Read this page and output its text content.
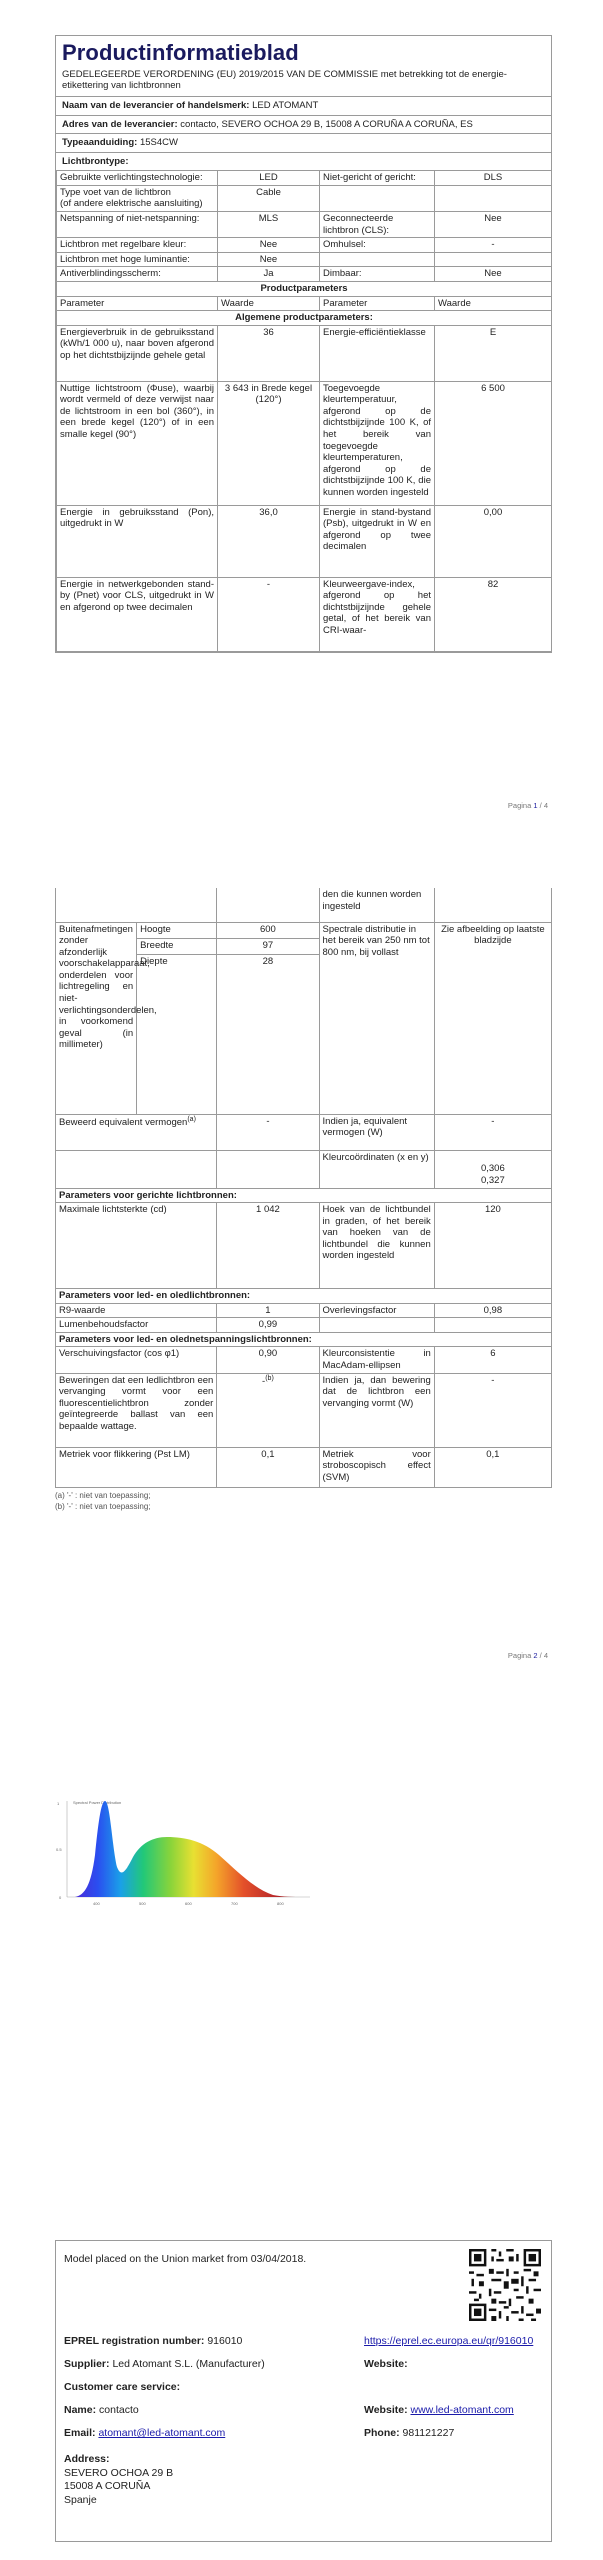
Productinformatieblad
GEDELEGEERDE VERORDENING (EU) 2019/2015 VAN DE COMMISSIE met betrekking tot de energie-etikettering van lichtbronnen
Naam van de leverancier of handelsmerk: LED ATOMANT
Adres van de leverancier: contacto, SEVERO OCHOA 29 B, 15008 A CORUÑA A CORUÑA, ES
Typeaanduiding: 15S4CW
Lichtbrontype:
Gebruikte verlichtingstechnologie:	LED	Niet-gericht of gericht:	DLS
Type voet van de lichtbron
(of andere elektrische aansluiting)	Cable		
Netspanning of niet-netspanning:	MLS	Geconnecteerde lichtbron (CLS):	Nee
Lichtbron met regelbare kleur:	Nee	Omhulsel:	-
Lichtbron met hoge luminantie:	Nee		
Antiverblindingsscherm:	Ja	Dimbaar:	Nee
Productparameters			
Parameter	Waarde	Parameter	Waarde
Algemene productparameters:			
Energieverbruik in de gebruiksstand (kWh/1 000 u), naar boven afgerond op het dichtstbijzijnde gehele getal	36	Energie-efficiëntieklasse	E
Nuttige lichtstroom (Φuse), waarbij wordt vermeld of deze verwijst naar de lichtstroom in een bol (360°), in een brede kegel (120°) of in een smalle kegel (90°)	3 643 in Brede kegel (120°)	Toegevoegde kleurtemperatuur, afgerond op de dichtstbijzijnde 100 K, of het bereik van toegevoegde kleurtemperaturen, afgerond op de dichtstbijzijnde 100 K, die kunnen worden ingesteld	6 500
Energie in gebruiksstand (Pon), uitgedrukt in W	36,0	Energie in stand-bystand (Psb), uitgedrukt in W en afgerond op twee decimalen	0,00
Energie in netwerkgebonden stand-by (Pnet) voor CLS, uitgedrukt in W en afgerond op twee decimalen	-	Kleurweergave-index, afgerond op het dichtstbijzijnde gehele getal, of het bereik van CRI-waar-	82
Pagina 1 / 4
			den die kunnen worden ingesteld	
Buitenafmetingen zonder afzonderlijk voorschakelapparaat, onderdelen voor lichtregeling en niet-verlichtingsonderdelen, in voorkomend geval (in millimeter)	Hoogte	600	Spectrale distributie in het bereik van 250 nm tot 800 nm, bij vollast	Zie afbeelding op laatste bladzijde
	Breedte	97		
	Diepte	28		
Beweerd equivalent vermogen$^{(a)}$		-	Indien ja, equivalent vermogen (W)	-
			Kleurcoördinaten (x en y)	0,306
0,327

Parameters voor gerichte lichtbronnen:				
Maximale lichtsterkte (cd)		1 042	Hoek van de lichtbundel in graden, of het bereik van hoeken van de lichtbundel die kunnen worden ingesteld	120
Parameters voor led- en oledlichtbronnen:				
R9-waarde		1	Overlevingsfactor	0,98
Lumenbehoudsfactor		0,99		
Parameters voor led- en olednetspanningslichtbronnen:				
Verschuivingsfactor (cos φ1)		0,90	Kleurconsistentie in MacAdam-ellipsen	6
Beweringen dat een ledlichtbron een vervanging vormt voor een fluorescentielichtbron zonder geïntegreerde ballast van een bepaalde wattage.		-$^{(b)}$	Indien ja, dan bewering dat de lichtbron een vervanging vormt (W)	-
Metriek voor flikkering (Pst LM)		0,1	Metriek voor stroboscopisch effect (SVM)	0,1
(a) '-' : niet van toepassing;
(b) '-' : niet van toepassing;
Pagina 2 / 4
Spectral Power Distribution
1
0.5
0
400	500	600	700	800
Model placed on the Union market from 03/04/2018.
EPREL registration number: 916010	https://eprel.ec.europa.eu/qr/916010
Supplier: Led Atomant S.L. (Manufacturer)	Website:
Customer care service:
Name: contacto	Website: www.led-atomant.com
Email: atomant@led-atomant.com	Phone: 981121227
Address:
SEVERO OCHOA 29 B
15008 A CORUÑA
Spanje
